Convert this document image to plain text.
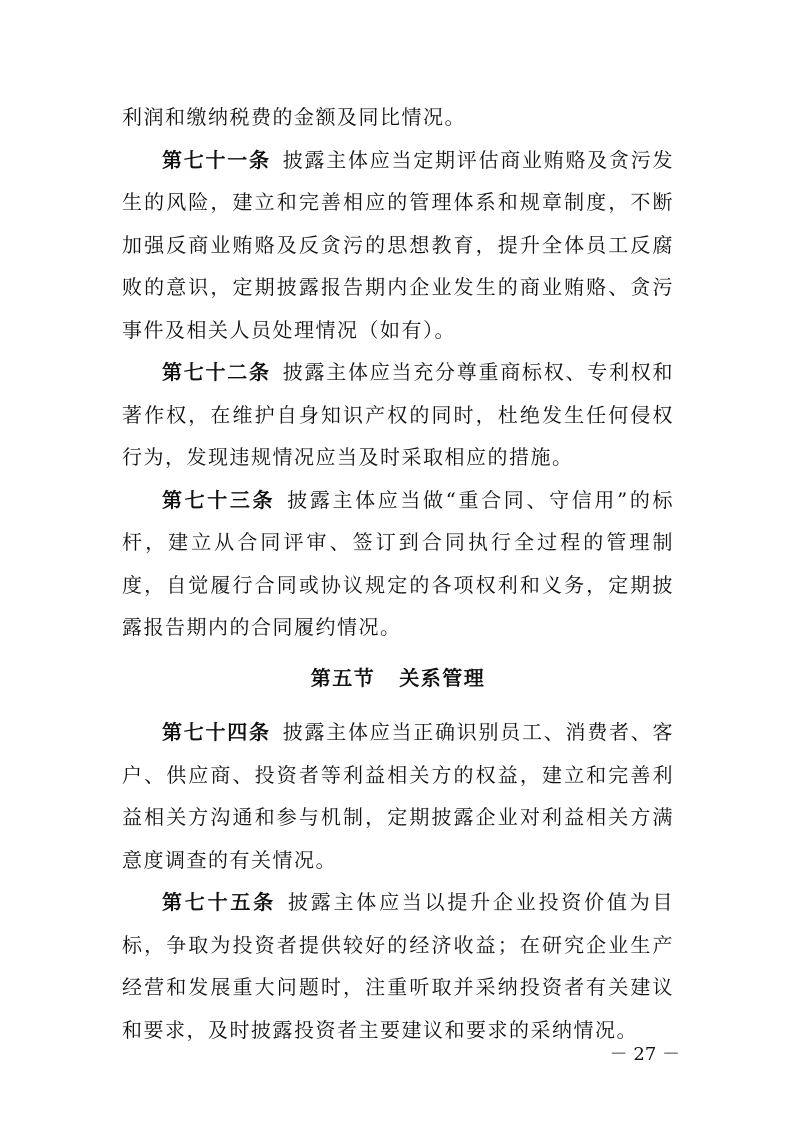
利润和缴纳税费的金额及同比情况。

第七十一条 披露主体应当定期评估商业贿赂及贪污发生的风险，建立和完善相应的管理体系和规章制度，不断加强反商业贿赂及反贪污的思想教育，提升全体员工反腐败的意识，定期披露报告期内企业发生的商业贿赂、贪污事件及相关人员处理情况（如有）。

第七十二条 披露主体应当充分尊重商标权、专利权和著作权，在维护自身知识产权的同时，杜绝发生任何侵权行为，发现违规情况应当及时采取相应的措施。

第七十三条 披露主体应当做“重合同、守信用”的标杆，建立从合同评审、签订到合同执行全过程的管理制度，自觉履行合同或协议规定的各项权利和义务，定期披露报告期内的合同履约情况。

第五节 关系管理

第七十四条 披露主体应当正确识别员工、消费者、客户、供应商、投资者等利益相关方的权益，建立和完善利益相关方沟通和参与机制，定期披露企业对利益相关方满意度调查的有关情况。

第七十五条 披露主体应当以提升企业投资价值为目标，争取为投资者提供较好的经济收益；在研究企业生产经营和发展重大问题时，注重听取并采纳投资者有关建议和要求，及时披露投资者主要建议和要求的采纳情况。

－ 27 －
